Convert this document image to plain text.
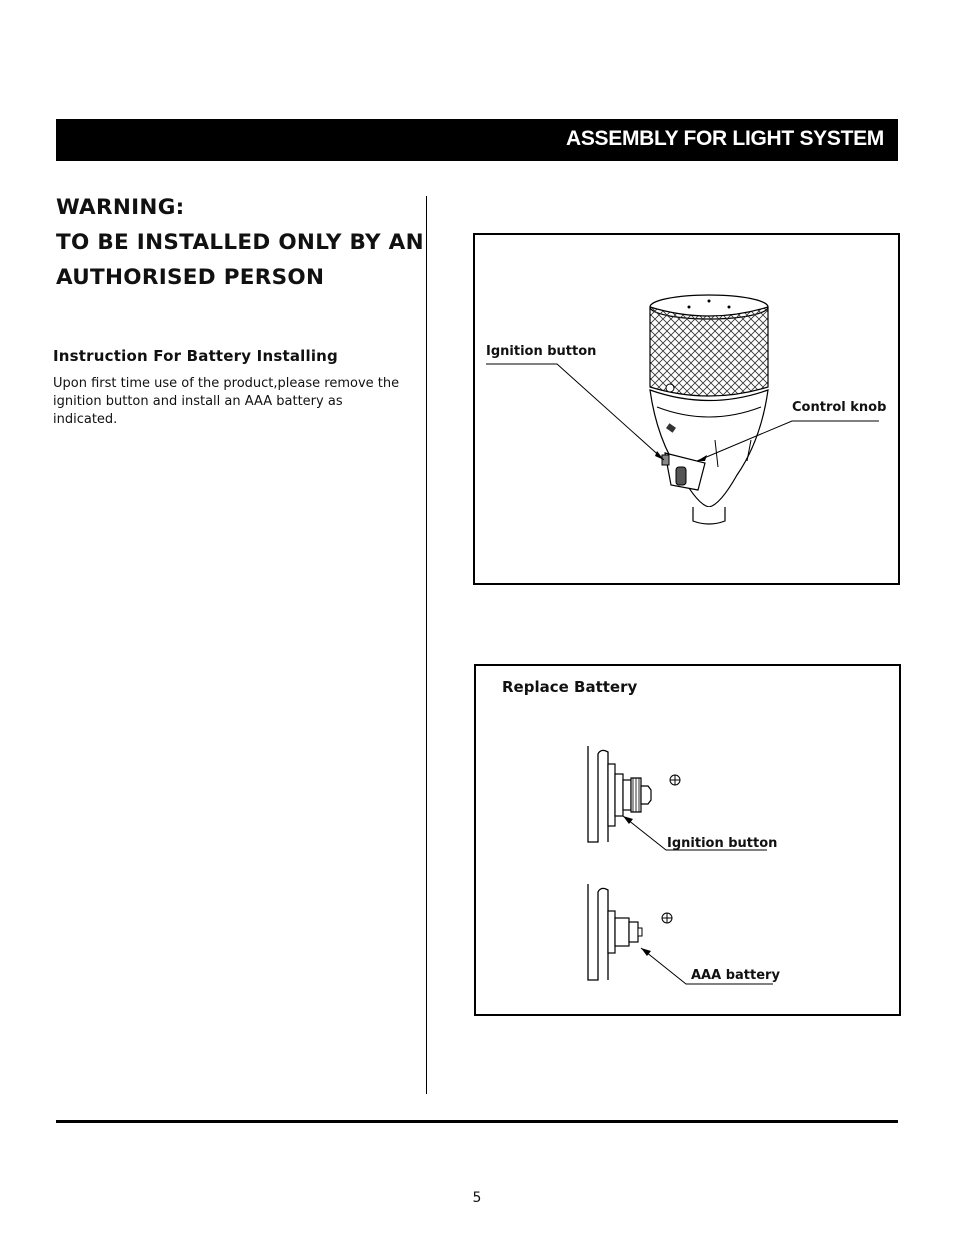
ASSEMBLY FOR LIGHT SYSTEM
WARNING:
TO BE INSTALLED ONLY BY AN
AUTHORISED PERSON
Instruction For Battery Installing
Upon first time use of the product,please remove the ignition button and install an AAA battery as indicated.
Ignition button
Control knob
Replace Battery
Ignition button
AAA battery
5
